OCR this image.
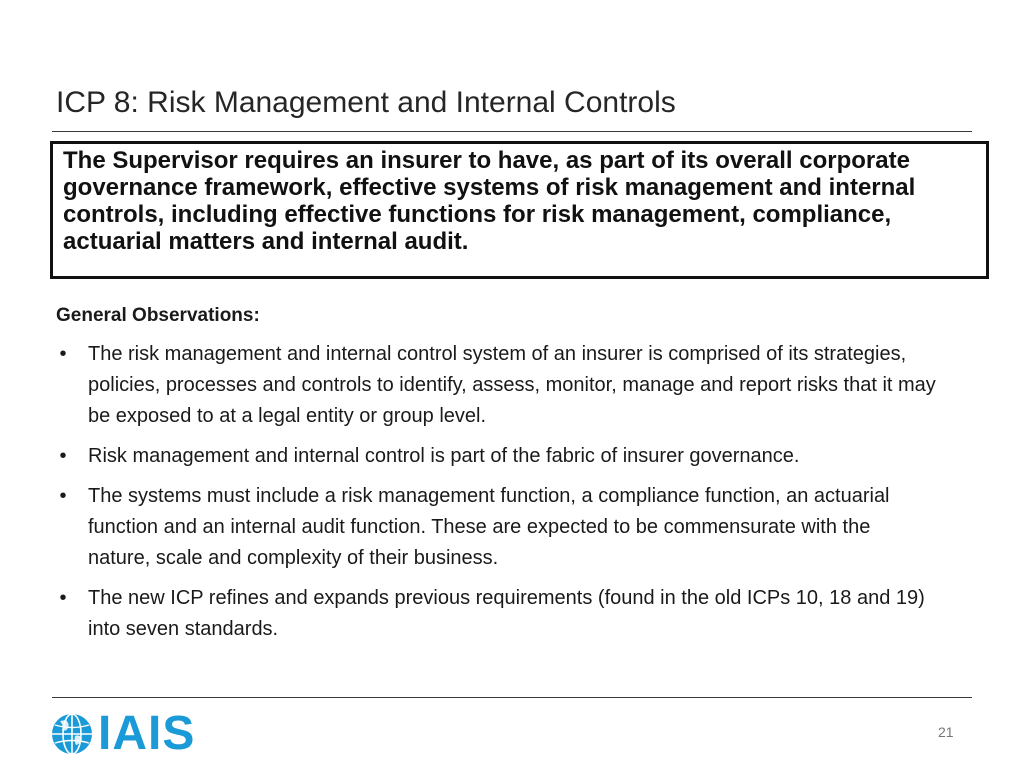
ICP 8: Risk Management and Internal Controls
The Supervisor requires an insurer to have, as part of its overall corporate governance framework, effective systems of risk management and internal controls, including effective functions for risk management, compliance, actuarial matters and internal audit.
General Observations:
• The risk management and internal control system of an insurer is comprised of its strategies, policies, processes and controls to identify, assess, monitor, manage and report risks that it may be exposed to at a legal entity or group level.
• Risk management and internal control is part of the fabric of insurer governance.
• The systems must include a risk management function, a compliance function, an actuarial function and an internal audit function. These are expected to be commensurate with the nature, scale and complexity of their business.
• The new ICP refines and expands previous requirements (found in the old ICPs 10, 18 and 19) into seven standards.
IAIS	21
